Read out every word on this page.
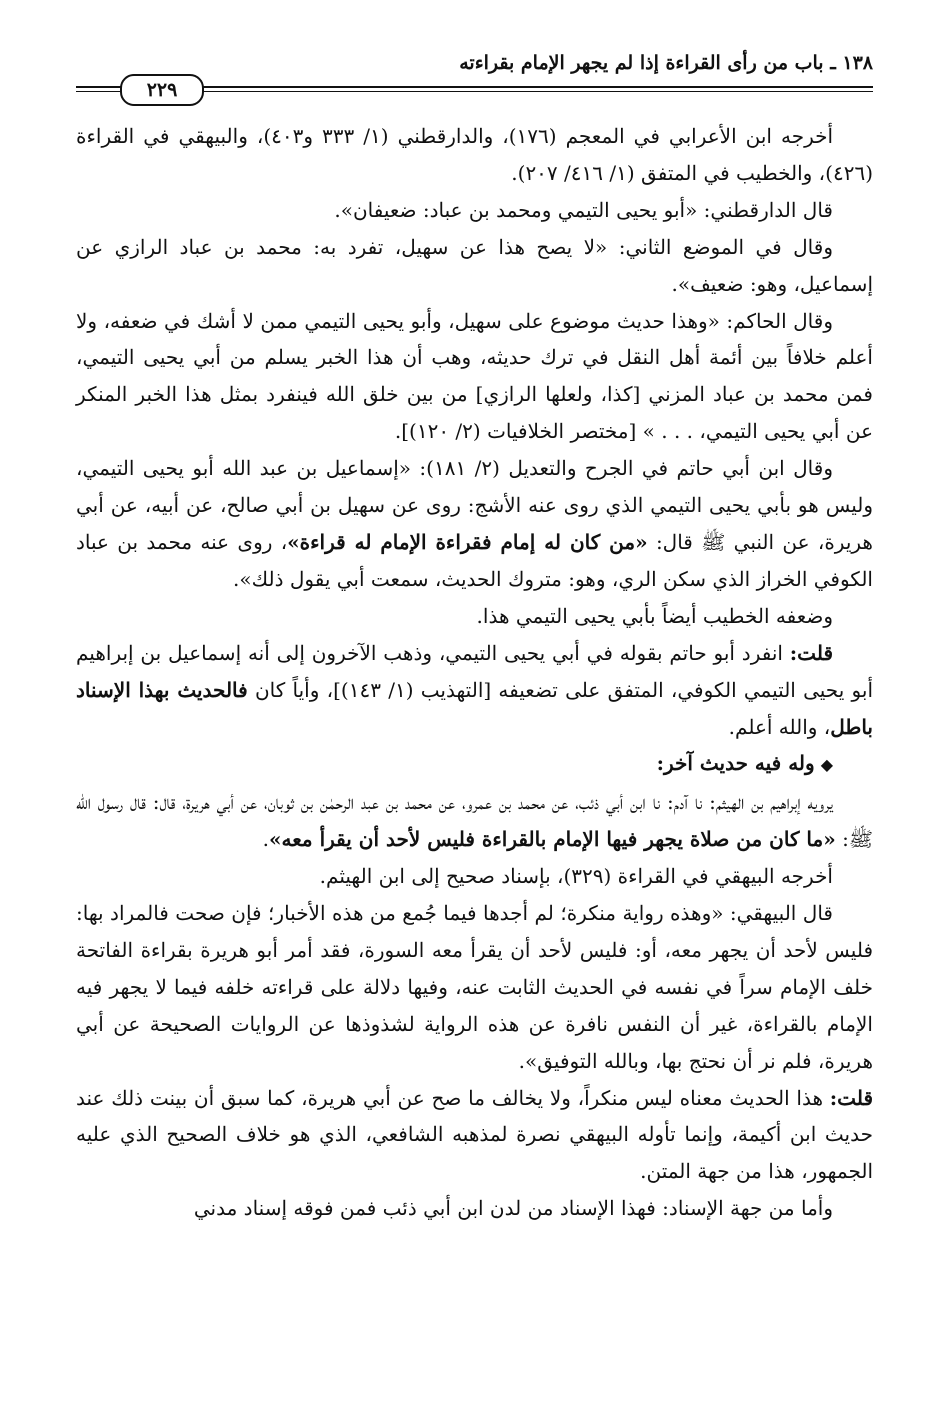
١٣٨ ـ باب من رأى القراءة إذا لم يجهر الإمام بقراءته
٢٢٩

أخرجه ابن الأعرابي في المعجم (١٧٦)، والدارقطني (١/ ٣٣٣ و٤٠٣)، والبيهقي في القراءة (٤٢٦)، والخطيب في المتفق (١/ ٤١٦/ ٢٠٧).

قال الدارقطني: «أبو يحيى التيمي ومحمد بن عباد: ضعيفان».

وقال في الموضع الثاني: «لا يصح هذا عن سهيل، تفرد به: محمد بن عباد الرازي عن إسماعيل، وهو: ضعيف».

وقال الحاكم: «وهذا حديث موضوع على سهيل، وأبو يحيى التيمي ممن لا أشك في ضعفه، ولا أعلم خلافاً بين أئمة أهل النقل في ترك حديثه، وهب أن هذا الخبر يسلم من أبي يحيى التيمي، فمن محمد بن عباد المزني [كذا، ولعلها الرازي] من بين خلق الله فينفرد بمثل هذا الخبر المنكر عن أبي يحيى التيمي، . . . » [مختصر الخلافيات (٢/ ١٢٠)].

وقال ابن أبي حاتم في الجرح والتعديل (٢/ ١٨١): «إسماعيل بن عبد الله أبو يحيى التيمي، وليس هو بأبي يحيى التيمي الذي روى عنه الأشج: روى عن سهيل بن أبي صالح، عن أبيه، عن أبي هريرة، عن النبي ﷺ قال: «من كان له إمام فقراءة الإمام له قراءة»، روى عنه محمد بن عباد الكوفي الخراز الذي سكن الري، وهو: متروك الحديث، سمعت أبي يقول ذلك».

وضعفه الخطيب أيضاً بأبي يحيى التيمي هذا.

قلت: انفرد أبو حاتم بقوله في أبي يحيى التيمي، وذهب الآخرون إلى أنه إسماعيل بن إبراهيم أبو يحيى التيمي الكوفي، المتفق على تضعيفه [التهذيب (١/ ١٤٣)]، وأياً كان فالحديث بهذا الإسناد باطل، والله أعلم.

◆وله فيه حديث آخر:

يرويه إبراهيم بن الهيثم: نا آدم: نا ابن أبي ذئب، عن محمد بن عمرو، عن محمد بن عبد الرحمٰن بن ثوبان، عن أبي هريرة، قال: قال رسول الله ﷺ: «ما كان من صلاة يجهر فيها الإمام بالقراءة فليس لأحد أن يقرأ معه».

أخرجه البيهقي في القراءة (٣٢٩)، بإسناد صحيح إلى ابن الهيثم.

قال البيهقي: «وهذه رواية منكرة؛ لم أجدها فيما جُمع من هذه الأخبار؛ فإن صحت فالمراد بها: فليس لأحد أن يجهر معه، أو: فليس لأحد أن يقرأ معه السورة، فقد أمر أبو هريرة بقراءة الفاتحة خلف الإمام سراً في نفسه في الحديث الثابت عنه، وفيها دلالة على قراءته خلفه فيما لا يجهر فيه الإمام بالقراءة، غير أن النفس نافرة عن هذه الرواية لشذوذها عن الروايات الصحيحة عن أبي هريرة، فلم نر أن نحتج بها، وبالله التوفيق».

قلت: هذا الحديث معناه ليس منكراً، ولا يخالف ما صح عن أبي هريرة، كما سبق أن بينت ذلك عند حديث ابن أكيمة، وإنما تأوله البيهقي نصرة لمذهبه الشافعي، الذي هو خلاف الصحيح الذي عليه الجمهور، هذا من جهة المتن.

وأما من جهة الإسناد: فهذا الإسناد من لدن ابن أبي ذئب فمن فوقه إسناد مدني
